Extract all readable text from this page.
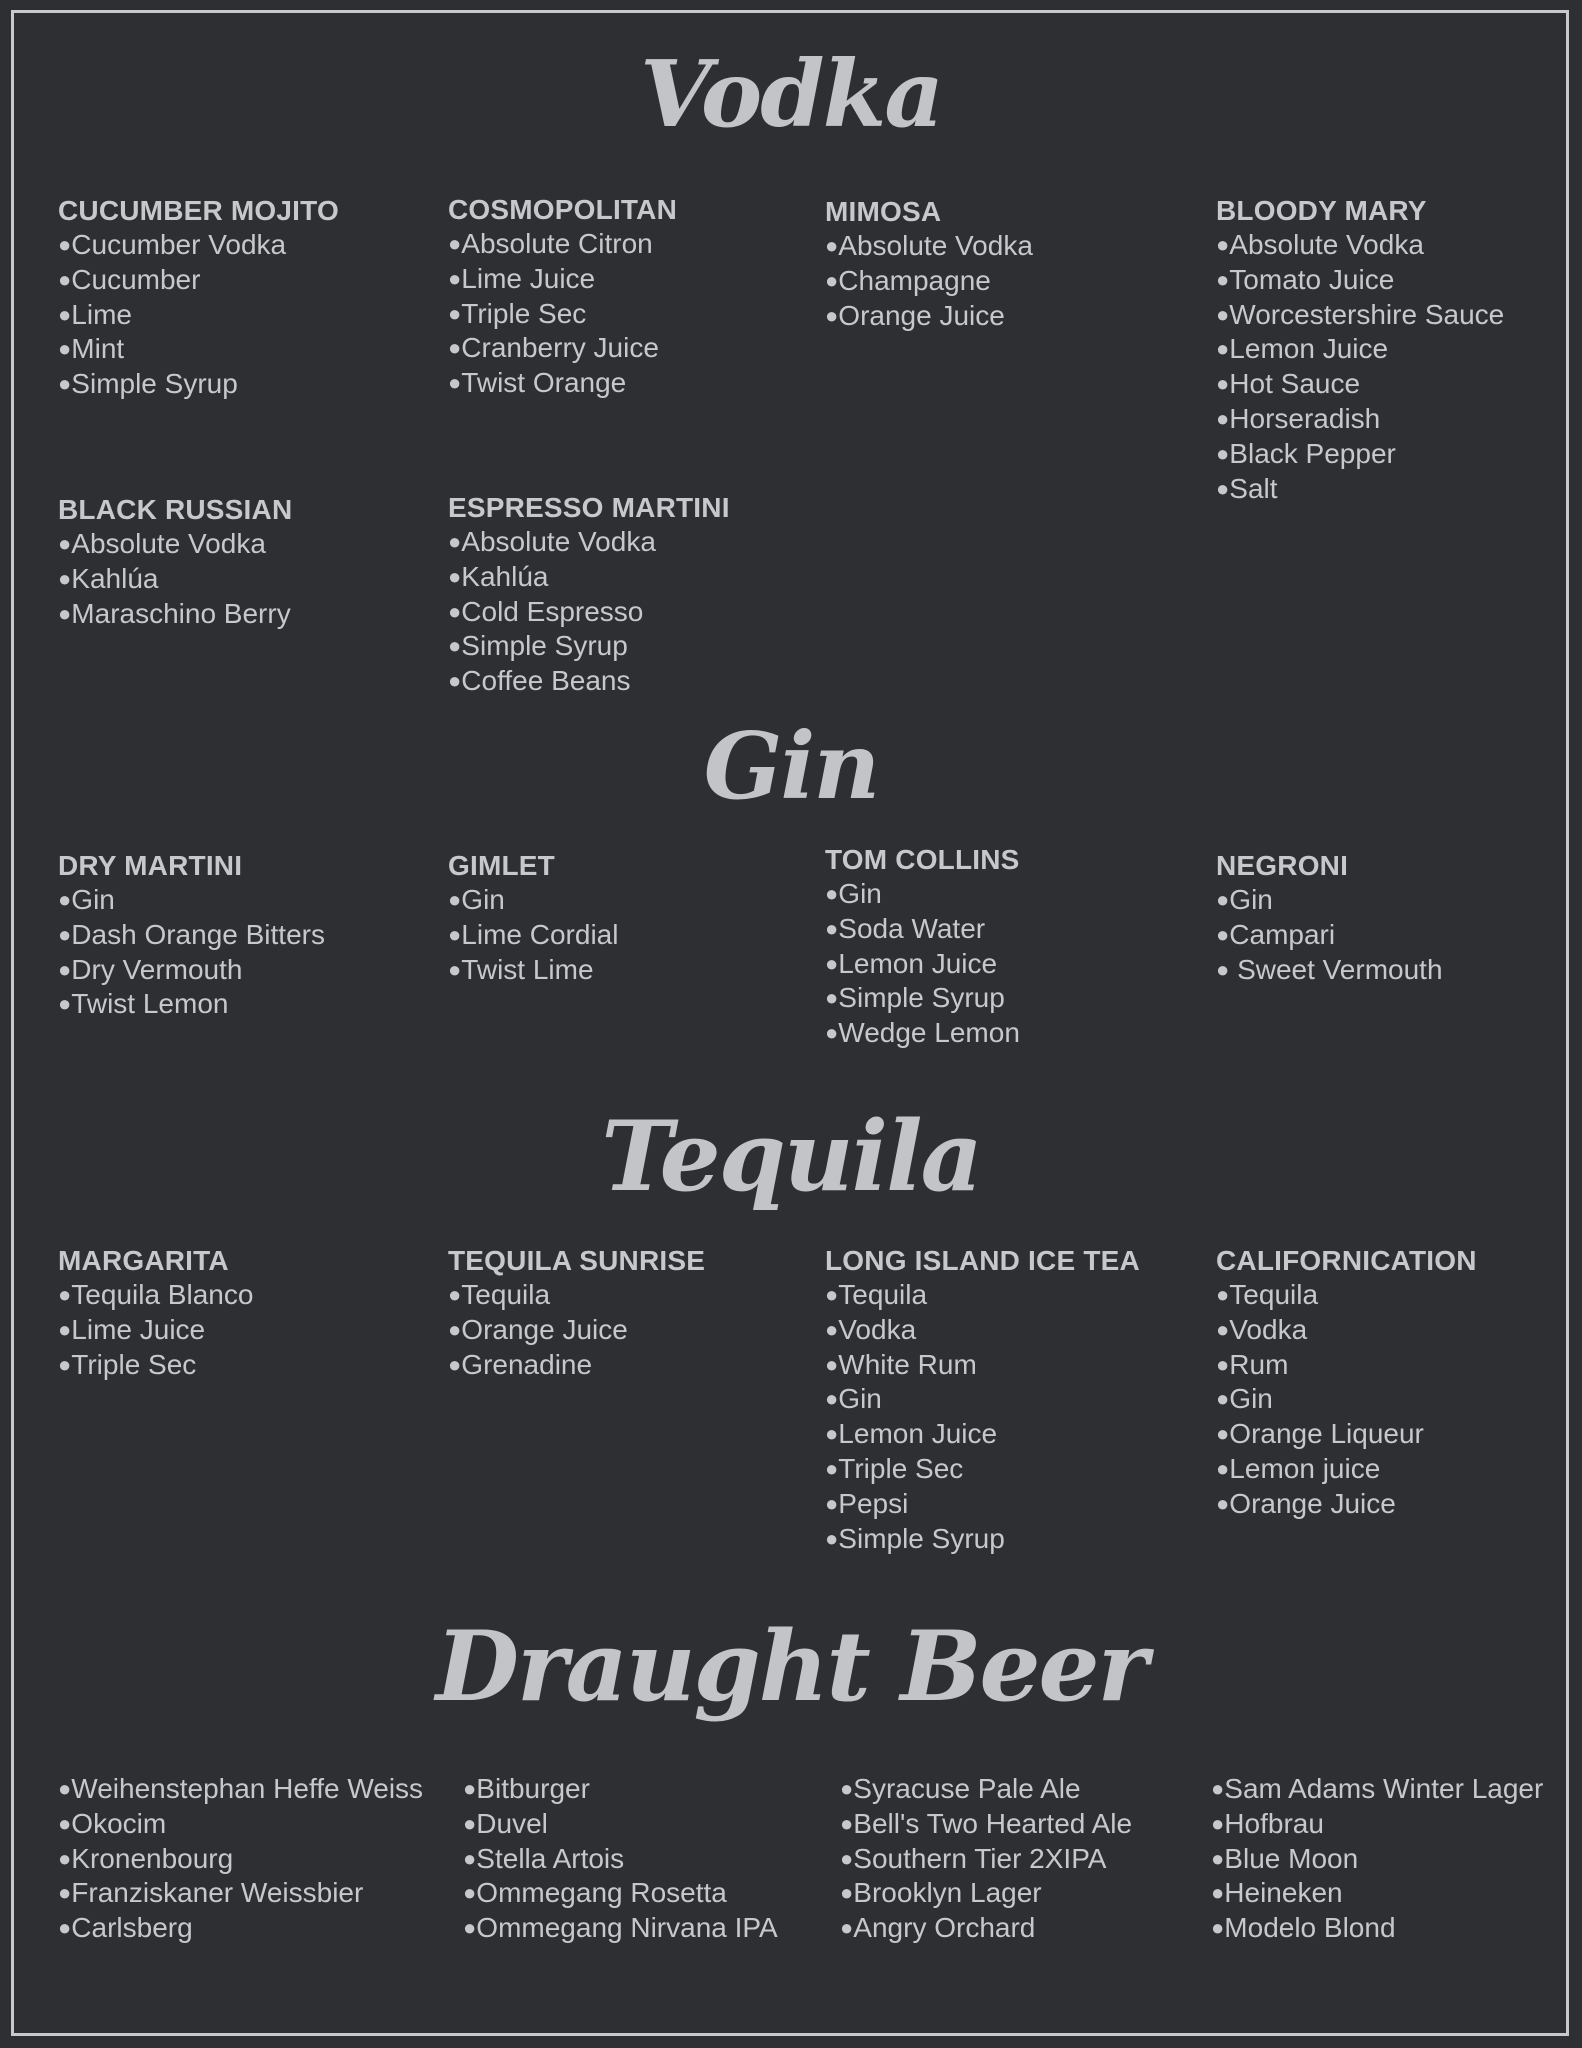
Vodka
Gin
Tequila
Draught Beer
CUCUMBER MOJITO
●Cucumber Vodka
●Cucumber
●Lime
●Mint
●Simple Syrup
COSMOPOLITAN
●Absolute Citron
●Lime Juice
●Triple Sec
●Cranberry Juice
●Twist Orange
MIMOSA
●Absolute Vodka
●Champagne
●Orange Juice
BLOODY MARY
●Absolute Vodka
●Tomato Juice
●Worcestershire Sauce
●Lemon Juice
●Hot Sauce
●Horseradish
●Black Pepper
●Salt
BLACK RUSSIAN
●Absolute Vodka
●Kahlúa
●Maraschino Berry
ESPRESSO MARTINI
●Absolute Vodka
●Kahlúa
●Cold Espresso
●Simple Syrup
●Coffee Beans
DRY MARTINI
●Gin
●Dash Orange Bitters
●Dry Vermouth
●Twist Lemon
GIMLET
●Gin
●Lime Cordial
●Twist Lime
TOM COLLINS
●Gin
●Soda Water
●Lemon Juice
●Simple Syrup
●Wedge Lemon
NEGRONI
●Gin
●Campari
● Sweet Vermouth
MARGARITA
●Tequila Blanco
●Lime Juice
●Triple Sec
TEQUILA SUNRISE
●Tequila
●Orange Juice
●Grenadine
LONG ISLAND ICE TEA
●Tequila
●Vodka
●White Rum
●Gin
●Lemon Juice
●Triple Sec
●Pepsi
●Simple Syrup
CALIFORNICATION
●Tequila
●Vodka
●Rum
●Gin
●Orange Liqueur
●Lemon juice
●Orange Juice
●Weihenstephan Heffe Weiss
●Okocim
●Kronenbourg
●Franziskaner Weissbier
●Carlsberg
●Bitburger
●Duvel
●Stella Artois
●Ommegang Rosetta
●Ommegang Nirvana IPA
●Syracuse Pale Ale
●Bell's Two Hearted Ale
●Southern Tier 2XIPA
●Brooklyn Lager
●Angry Orchard
●Sam Adams Winter Lager
●Hofbrau
●Blue Moon
●Heineken
●Modelo Blond
